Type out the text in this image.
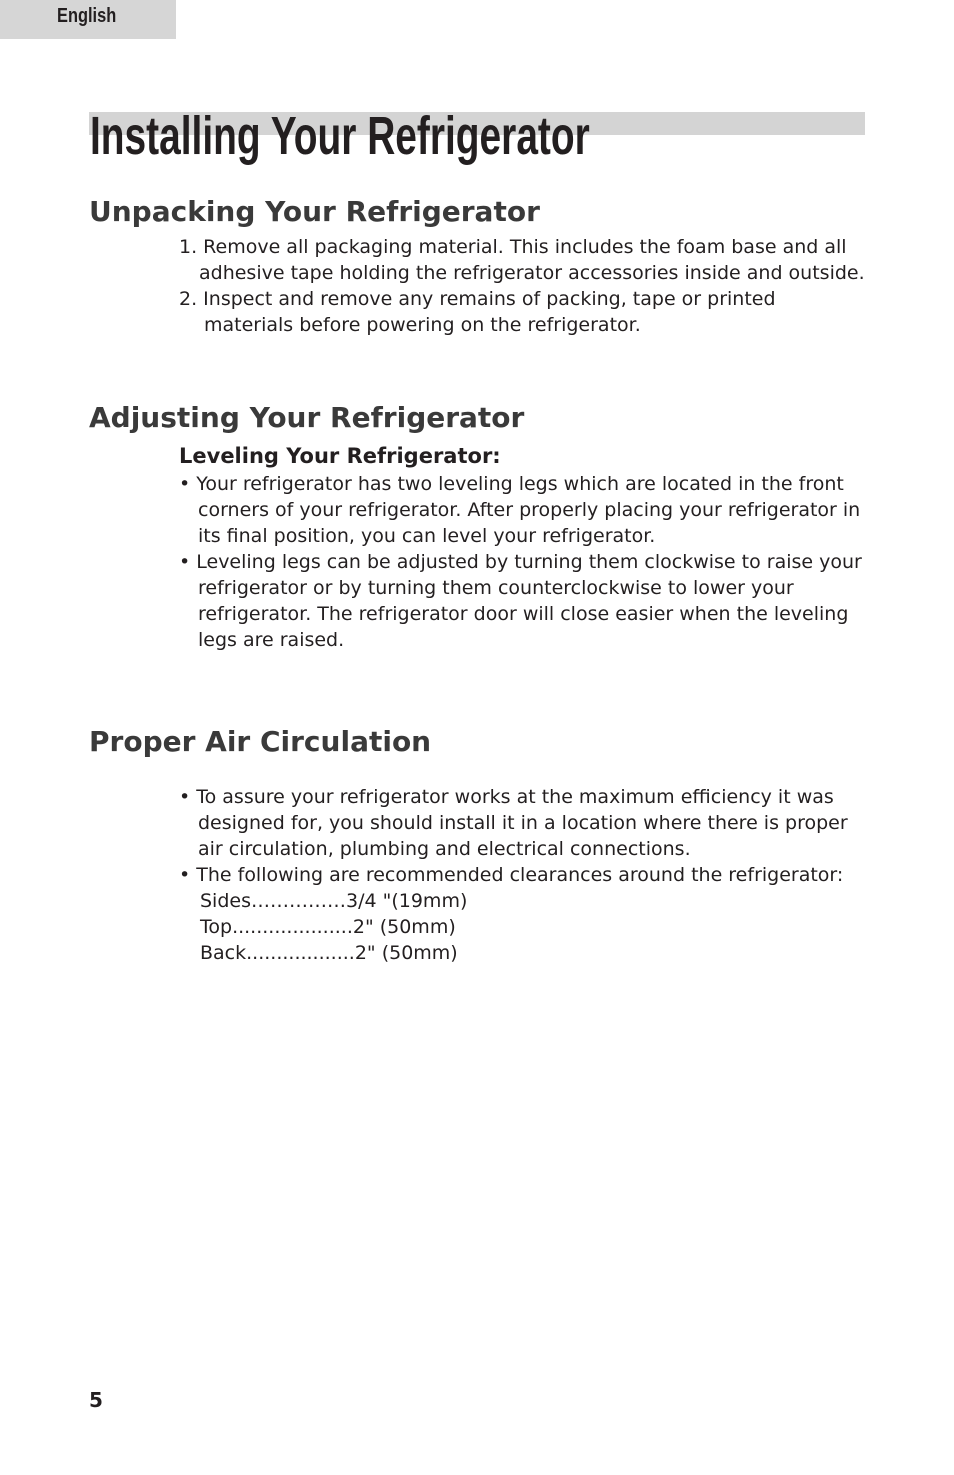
English
Installing Your Refrigerator
Unpacking Your Refrigerator
1. Remove all packaging material. This includes the foam base and all
adhesive tape holding the refrigerator accessories inside and outside.
2. Inspect and remove any remains of packing, tape or printed
materials before powering on the refrigerator.
Adjusting Your Refrigerator
Leveling Your Refrigerator:
• Your refrigerator has two leveling legs which are located in the front
corners of your refrigerator. After properly placing your refrigerator in
its final position, you can level your refrigerator.
• Leveling legs can be adjusted by turning them clockwise to raise your
refrigerator or by turning them counterclockwise to lower your
refrigerator. The refrigerator door will close easier when the leveling
legs are raised.
Proper Air Circulation
• To assure your refrigerator works at the maximum efficiency it was
designed for, you should install it in a location where there is proper
air circulation, plumbing and electrical connections.
• The following are recommended clearances around the refrigerator:
Sides……………3/4 "(19mm)
Top....................2" (50mm)
Back..................2" (50mm)
5
